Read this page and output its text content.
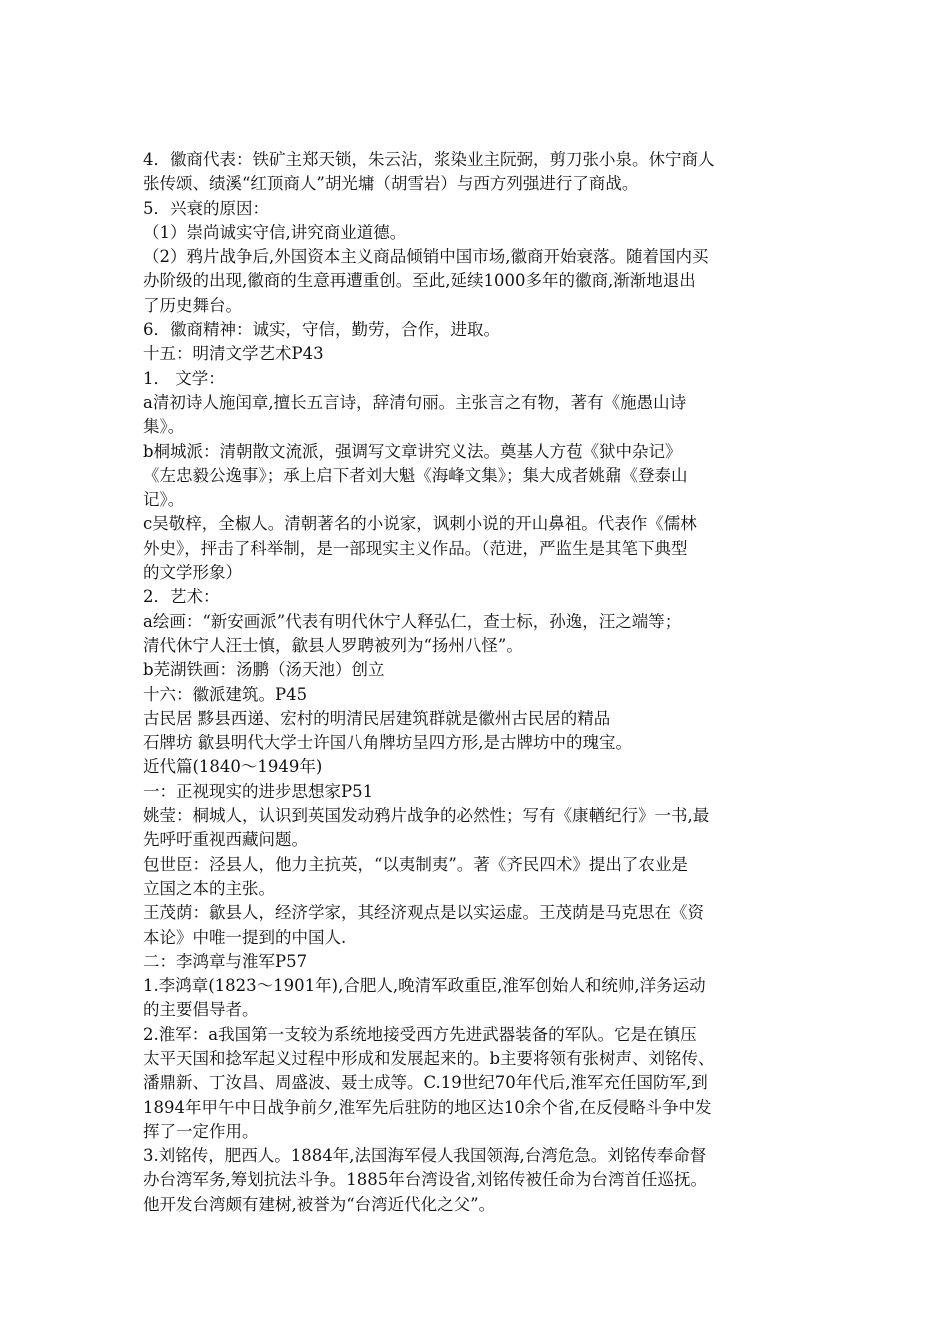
4．徽商代表：铁矿主郑天锁，朱云沾，浆染业主阮弼，剪刀张小泉。休宁商人
张传颂、绩溪“红顶商人”胡光墉（胡雪岩）与西方列强进行了商战。
5．兴衰的原因：
（1）崇尚诚实守信,讲究商业道德。
（2）鸦片战争后,外国资本主义商品倾销中国市场,徽商开始衰落。随着国内买
办阶级的出现,徽商的生意再遭重创。至此,延续1000多年的徽商,渐渐地退出
了历史舞台。
6．徽商精神：诚实，守信，勤劳，合作，进取。
十五：明清文学艺术P43
1． 文学：
a清初诗人施闰章,擅长五言诗，辞清句丽。主张言之有物，著有《施愚山诗
集》。
b桐城派：清朝散文流派，强调写文章讲究义法。奠基人方苞《狱中杂记》
《左忠毅公逸事》；承上启下者刘大魁《海峰文集》；集大成者姚鼐《登泰山
记》。
c吴敬梓，全椒人。清朝著名的小说家，讽刺小说的开山鼻祖。代表作《儒林
外史》，抨击了科举制，是一部现实主义作品。（范进，严监生是其笔下典型
的文学形象）
2．艺术：
a绘画：“新安画派”代表有明代休宁人释弘仁，查士标，孙逸，汪之端等；
清代休宁人汪士慎，歙县人罗聘被列为“扬州八怪”。
b芜湖铁画：汤鹏（汤天池）创立
十六：徽派建筑。P45
古民居 黟县西递、宏村的明清民居建筑群就是徽州古民居的精品
石牌坊 歙县明代大学士许国八角牌坊呈四方形,是古牌坊中的瑰宝。
近代篇(1840～1949年)
一：正视现实的进步思想家P51
姚莹：桐城人，认识到英国发动鸦片战争的必然性；写有《康輶纪行》一书,最
先呼吁重视西藏问题。
包世臣：泾县人，他力主抗英，“以夷制夷”。著《齐民四术》提出了农业是
立国之本的主张。
王茂荫：歙县人，经济学家，其经济观点是以实运虚。王茂荫是马克思在《资
本论》中唯一提到的中国人.
二：李鸿章与淮军P57
1.李鸿章(1823～1901年),合肥人,晚清军政重臣,淮军创始人和统帅,洋务运动
的主要倡导者。
2.淮军：a我国第一支较为系统地接受西方先进武器装备的军队。它是在镇压
太平天国和捻军起义过程中形成和发展起来的。b主要将领有张树声、刘铭传、
潘鼎新、丁汝昌、周盛波、聂士成等。C.19世纪70年代后,淮军充任国防军,到
1894年甲午中日战争前夕,淮军先后驻防的地区达10余个省,在反侵略斗争中发
挥了一定作用。
3.刘铭传，肥西人。1884年,法国海军侵人我国领海,台湾危急。刘铭传奉命督
办台湾军务,筹划抗法斗争。1885年台湾设省,刘铭传被任命为台湾首任巡抚。
他开发台湾颇有建树,被誉为“台湾近代化之父”。
